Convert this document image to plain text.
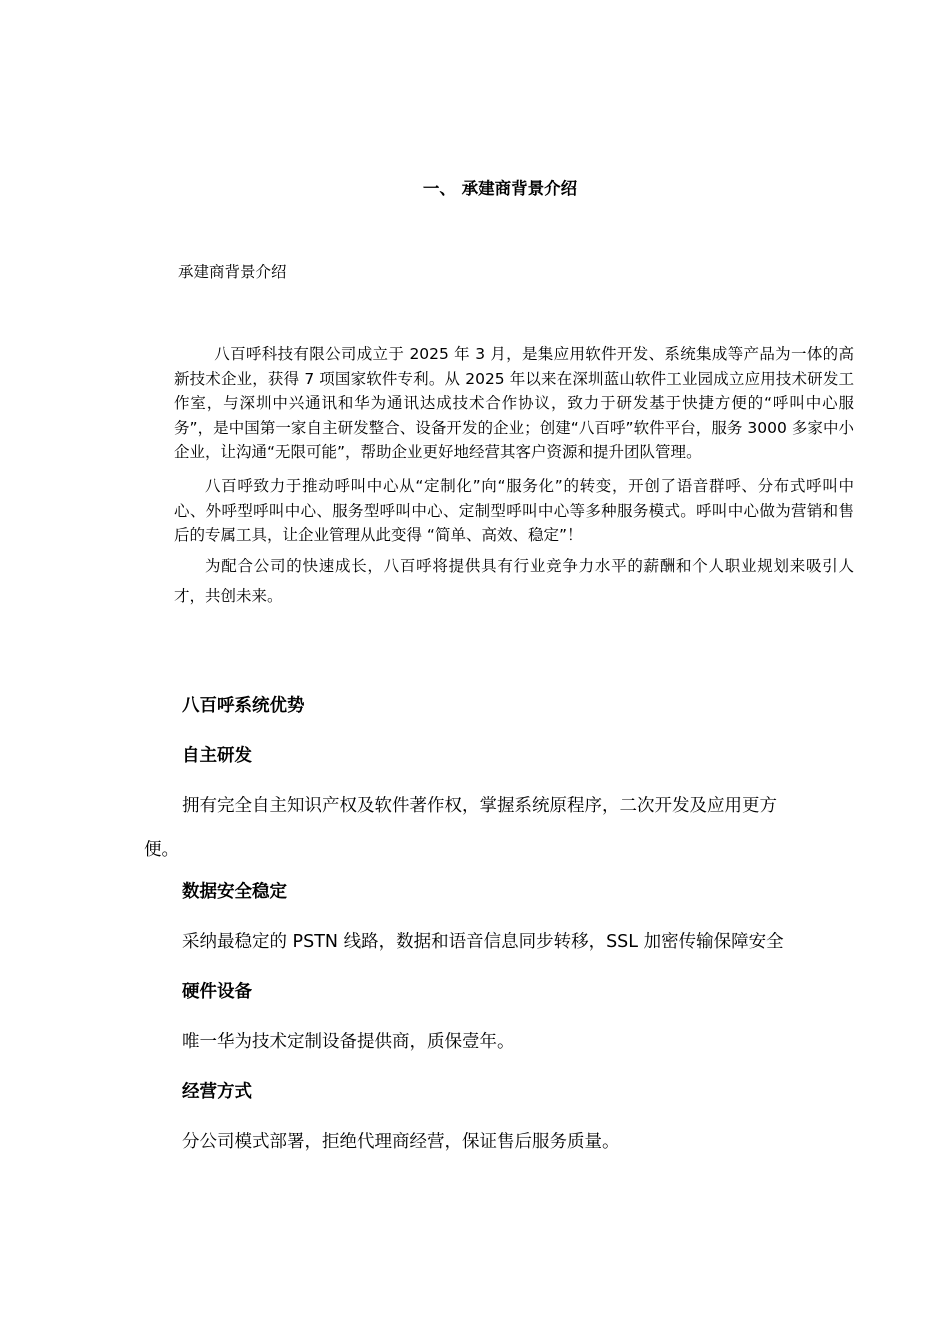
一、 承建商背景介绍
承建商背景介绍

八百呼科技有限公司成立于 2025 年 3 月，是集应用软件开发、系统集成等产品为一体的高新技术企业，获得 7 项国家软件专利。从 2025 年以来在深圳蓝山软件工业园成立应用技术研发工作室，与深圳中兴通讯和华为通讯达成技术合作协议，致力于研发基于快捷方便的“呼叫中心服务”，是中国第一家自主研发整合、设备开发的企业；创建“八百呼”软件平台，服务 3000 多家中小企业，让沟通“无限可能”，帮助企业更好地经营其客户资源和提升团队管理。

八百呼致力于推动呼叫中心从“定制化”向“服务化”的转变，开创了语音群呼、分布式呼叫中心、外呼型呼叫中心、服务型呼叫中心、定制型呼叫中心等多种服务模式。呼叫中心做为营销和售后的专属工具，让企业管理从此变得 “简单、高效、稳定”！

为配合公司的快速成长，八百呼将提供具有行业竞争力水平的薪酬和个人职业规划来吸引人才，共创未来。

八百呼系统优势

自主研发

拥有完全自主知识产权及软件著作权，掌握系统原程序，二次开发及应用更方
便。

数据安全稳定

采纳最稳定的 PSTN 线路，数据和语音信息同步转移，SSL 加密传输保障安全

硬件设备

唯一华为技术定制设备提供商，质保壹年。

经营方式

分公司模式部署，拒绝代理商经营，保证售后服务质量。
